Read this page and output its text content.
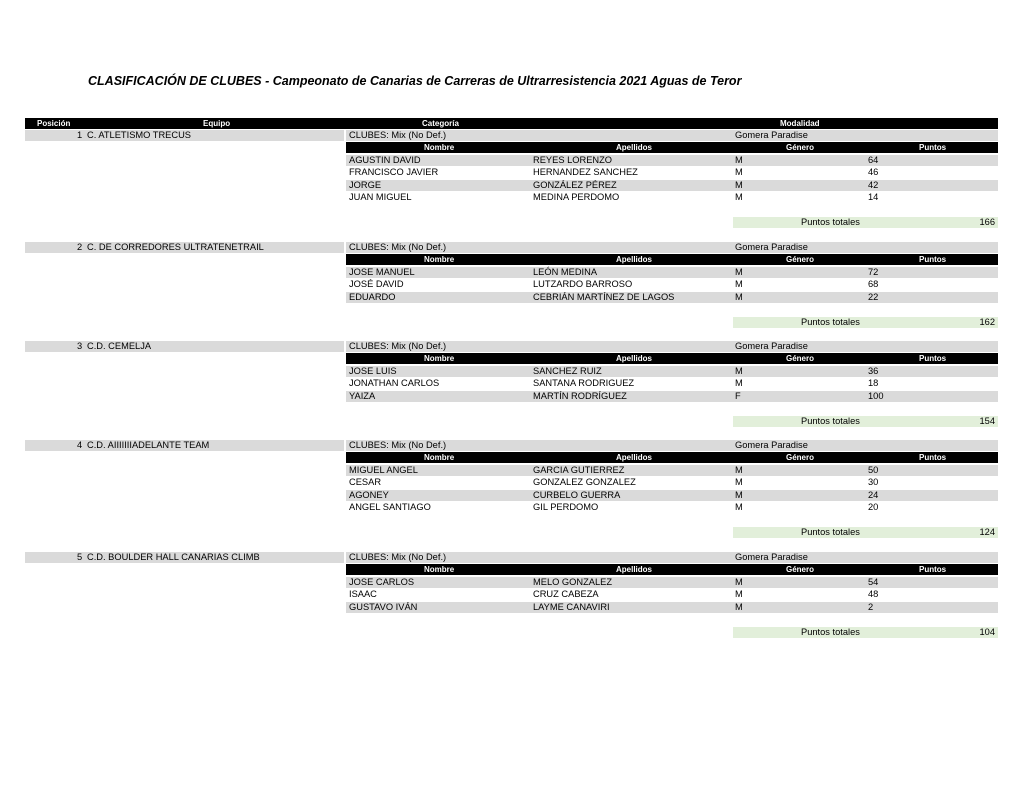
CLASIFICACIÓN DE CLUBES - Campeonato de Canarias de Carreras de Ultrarresistencia 2021 Aguas de Teror
Posición	Equipo	Categoría	Modalidad
1 C. ATLETISMO TRECUS	CLUBES: Mix (No Def.)	Gomera Paradise
Nombre	Apellidos	Género	Puntos
AGUSTIN DAVID	REYES LORENZO	M	64
FRANCISCO JAVIER	HERNANDEZ SANCHEZ	M	46
JORGE	GONZÁLEZ PÉREZ	M	42
JUAN MIGUEL	MEDINA PERDOMO	M	14
Puntos totales	166
2 C. DE CORREDORES ULTRATENETRAIL	CLUBES: Mix (No Def.)	Gomera Paradise
Nombre	Apellidos	Género	Puntos
JOSE MANUEL	LEÓN MEDINA	M	72
JOSÉ DAVID	LUTZARDO BARROSO	M	68
EDUARDO	CEBRIÁN MARTÍNEZ DE LAGOS	M	22
Puntos totales	162
3 C.D. CEMELJA	CLUBES: Mix (No Def.)	Gomera Paradise
Nombre	Apellidos	Género	Puntos
JOSE LUIS	SANCHEZ RUIZ	M	36
JONATHAN CARLOS	SANTANA RODRIGUEZ	M	18
YAIZA	MARTÍN RODRÍGUEZ	F	100
Puntos totales	154
4 C.D. AIIIIIIIADELANTE TEAM	CLUBES: Mix (No Def.)	Gomera Paradise
Nombre	Apellidos	Género	Puntos
MIGUEL ANGEL	GARCIA GUTIERREZ	M	50
CESAR	GONZALEZ GONZALEZ	M	30
AGONEY	CURBELO GUERRA	M	24
ANGEL SANTIAGO	GIL PERDOMO	M	20
Puntos totales	124
5 C.D. BOULDER HALL CANARIAS CLIMB	CLUBES: Mix (No Def.)	Gomera Paradise
Nombre	Apellidos	Género	Puntos
JOSE CARLOS	MELO GONZALEZ	M	54
ISAAC	CRUZ CABEZA	M	48
GUSTAVO IVÁN	LAYME CANAVIRI	M	2
Puntos totales	104
